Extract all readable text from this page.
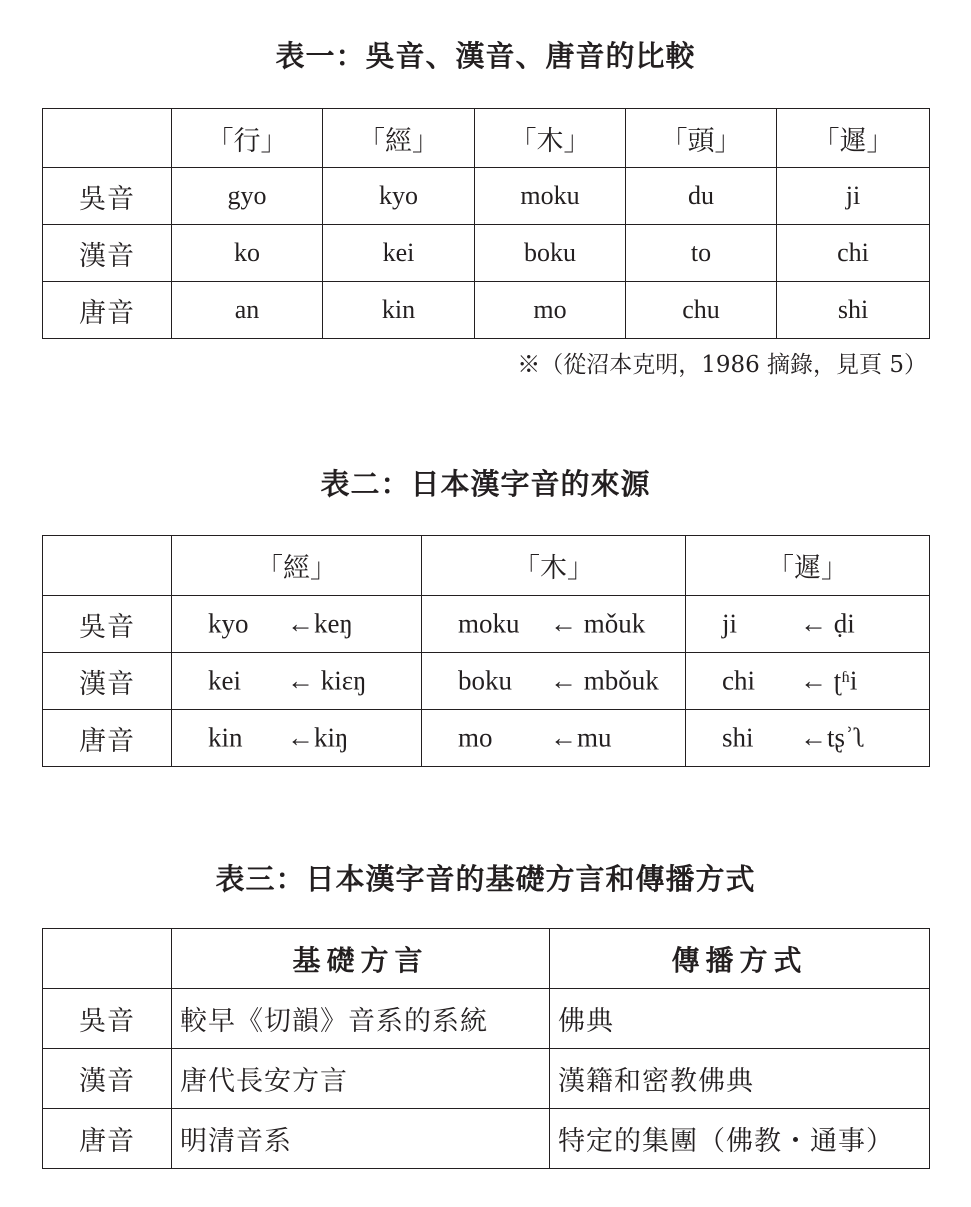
表一：吳音、漢音、唐音的比較
	「行」	「經」	「木」	「頭」	「遲」
吳音	gyo	kyo	moku	du	ji
漢音	ko	kei	boku	to	chi
唐音	an	kin	mo	chu	shi
※（從沼本克明，1986 摘錄，見頁 5）
表二：日本漢字音的來源
	「經」	「木」	「遲」
吳音	kyo ←keŋ	moku ← mǒuk	ji ← ḍi

漢音	kei ← kiɛŋ	boku ← mbǒuk	chi ← ʈʱi

唐音	kin ←kiŋ	mo ←mu	shi ←tʂʾʅ
表三：日本漢字音的基礎方言和傳播方式
	基礎方言	傳播方式
吳音	較早《切韻》音系的系統	佛典
漢音	唐代長安方言	漢籍和密教佛典
唐音	明清音系	特定的集團（佛教・通事）
